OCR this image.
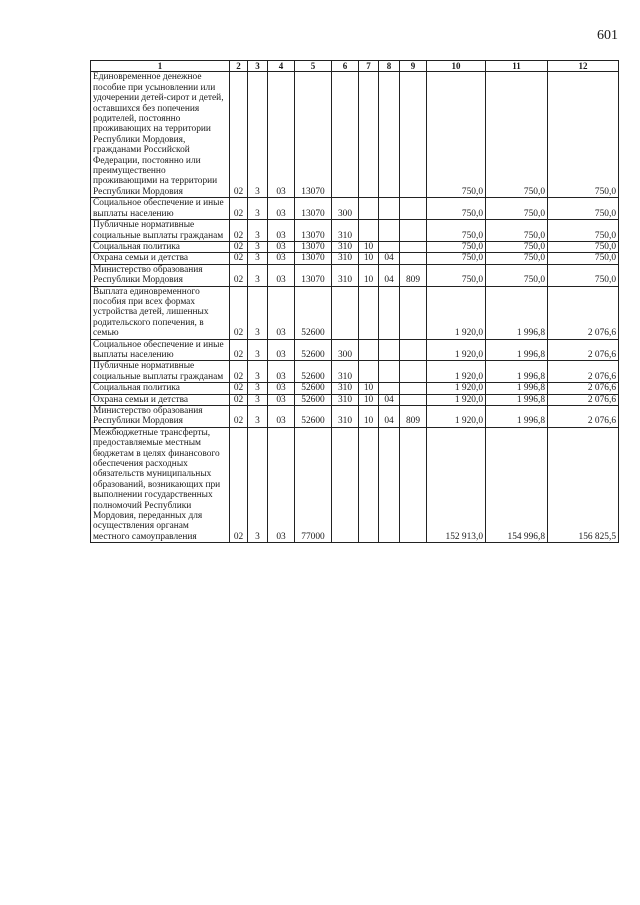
601
1	2	3	4	5	6	7	8	9	10	11	12
Единовременное денежное пособие при усыновлении или удочерении детей-сирот и детей, оставшихся без попечения родителей, постоянно проживающих на территории Республики Мордовия, гражданами Российской Федерации, постоянно или преимущественно проживающими на территории Республики Мордовия	02	3	03	13070					750,0	750,0	750,0
Социальное обеспечение и иные выплаты населению	02	3	03	13070	300				750,0	750,0	750,0
Публичные нормативные социальные выплаты гражданам	02	3	03	13070	310				750,0	750,0	750,0
Социальная политика	02	3	03	13070	310	10			750,0	750,0	750,0
Охрана семьи и детства	02	3	03	13070	310	10	04		750,0	750,0	750,0
Министерство образования Республики Мордовия	02	3	03	13070	310	10	04	809	750,0	750,0	750,0
Выплата единовременного пособия при всех формах устройства детей, лишенных родительского попечения, в семью	02	3	03	52600					1 920,0	1 996,8	2 076,6
Социальное обеспечение и иные выплаты населению	02	3	03	52600	300				1 920,0	1 996,8	2 076,6
Публичные нормативные социальные выплаты гражданам	02	3	03	52600	310				1 920,0	1 996,8	2 076,6
Социальная политика	02	3	03	52600	310	10			1 920,0	1 996,8	2 076,6
Охрана семьи и детства	02	3	03	52600	310	10	04		1 920,0	1 996,8	2 076,6
Министерство образования Республики Мордовия	02	3	03	52600	310	10	04	809	1 920,0	1 996,8	2 076,6
Межбюджетные трансферты, предоставляемые местным бюджетам в целях финансового обеспечения расходных обязательств муниципальных образований, возникающих при выполнении государственных полномочий Республики Мордовия, переданных для осуществления органам местного самоуправления	02	3	03	77000					152 913,0	154 996,8	156 825,5
